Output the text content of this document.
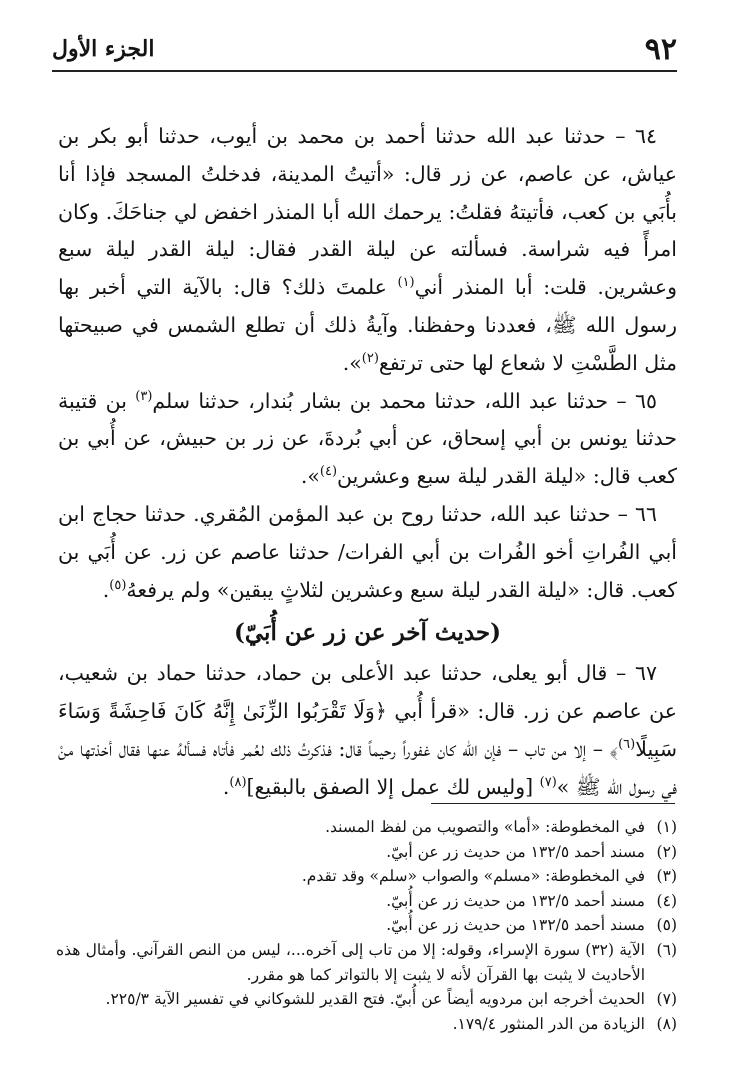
٩٢
الجزء الأول

٦٤ – حدثنا عبد الله حدثنا أحمد بن محمد بن أيوب، حدثنا أبو بكر بن عياش، عن عاصم، عن زر قال: «أتيتُ المدينة، فدخلتُ المسجد فإذا أنا بأُبَي بن كعب، فأتيتهُ فقلتُ: يرحمك الله أبا المنذر اخفض لي جناحَكَ. وكان امرأً فيه شراسة. فسألته عن ليلة القدر فقال: ليلة القدر ليلة سبع وعشرين. قلت: أبا المنذر أني$^{(١)}$ علمتَ ذلك؟ قال: بالآية التي أخبر بها رسول الله ﷺ، فعددنا وحفظنا. وآيةُ ذلك أن تطلع الشمس في صبيحتها مثل الطَّسْتِ لا شعاع لها حتى ترتفع$^{(٢)}$».

٦٥ – حدثنا عبد الله، حدثنا محمد بن بشار بُندار، حدثنا سلم$^{(٣)}$ بن قتيبة حدثنا يونس بن أبي إسحاق، عن أبي بُردةَ، عن زر بن حبيش، عن أُبي بن كعب قال: «ليلة القدر ليلة سبع وعشرين$^{(٤)}$».

٦٦ – حدثنا عبد الله، حدثنا روح بن عبد المؤمن المُقري. حدثنا حجاج ابن أبي الفُراتِ أخو الفُرات بن أبي الفرات/ حدثنا عاصم عن زر. عن أُبَي بن كعب. قال: «ليلة القدر ليلة سبع وعشرين لثلاثٍ يبقين» ولم يرفعهُ$^{(٥)}$.

(حديث آخر عن زر عن أُبَيّ)

٦٧ – قال أبو يعلى، حدثنا عبد الأعلى بن حماد، حدثنا حماد بن شعيب، عن عاصم عن زر. قال: «قرأ أُبي ﴿وَلَا تَقْرَبُوا الزِّنَىٰ إِنَّهُ كَانَ فَاحِشَةً وَسَاءَ سَبِيلًا$^{(٦)}$﴾ – إلا من تاب – فإن الله كان غفوراً رحيماً قال: فذكرتُ ذلك لعُمر فأتاه فسألهُ عنها فقال أخذتها منْ في رسول الله ﷺ »$^{(٧)}$ [وليس لك عمل إلا الصفق بالبقيع]$^{(٨)}$.

(١)
في المخطوطة: «أما» والتصويب من لفظ المسند.

(٢)
مسند أحمد ١٣٢/٥ من حديث زر عن أبيّ.

(٣)
في المخطوطة: «مسلم» والصواب «سلم» وقد تقدم.

(٤)
مسند أحمد ١٣٢/٥ من حديث زر عن أُبيّ.

(٥)
مسند أحمد ١٣٢/٥ من حديث زر عن أُبيّ.

(٦)
الآية (٣٢) سورة الإسراء، وقوله: إلا من تاب إلى آخره...، ليس من النص القرآني. وأمثال هذه الأحاديث لا يثبت بها القرآن لأنه لا يثبت إلا بالتواتر كما هو مقرر.

(٧)
الحديث أخرجه ابن مردويه أيضاً عن أُبيّ. فتح القدير للشوكاني في تفسير الآية ٢٢٥/٣.

(٨)
الزيادة من الدر المنثور ١٧٩/٤.
